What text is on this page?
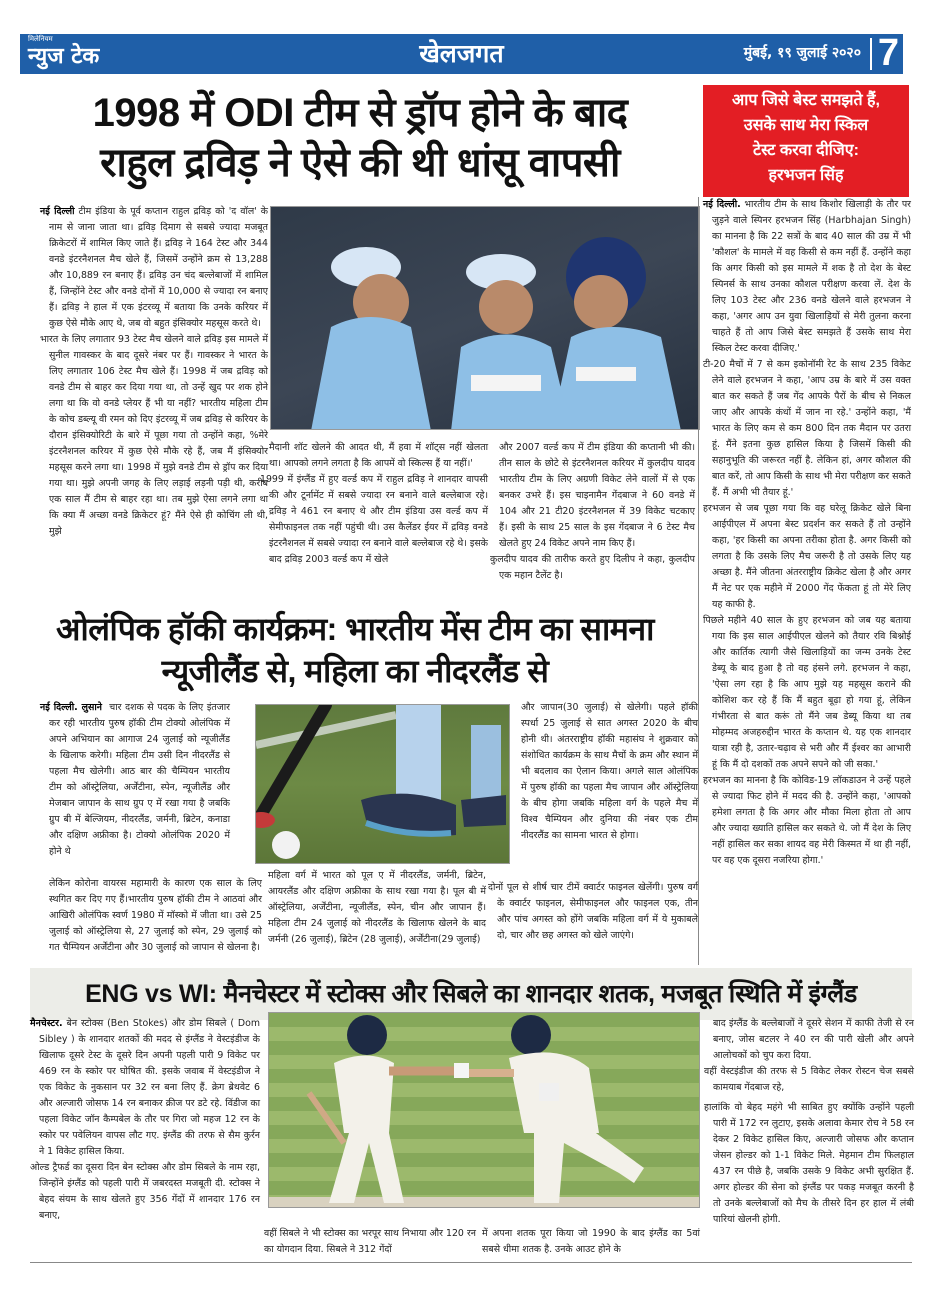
मिलेनियम
न्युज टेक	खेलजगत	मुंबई, १९ जुलाई २०२० 7
1998 में ODI टीम से ड्रॉप होने के बाद
राहुल द्रविड़ ने ऐसे की थी धांसू वापसी

नई दिल्ली टीम इंडिया के पूर्व कप्तान राहुल द्रविड़ को 'द वॉल' के नाम से जाना जाता था। द्रविड़ दिमाग से सबसे ज्यादा मजबूत क्रिकेटरों में शामिल किए जाते हैं। द्रविड़ ने 164 टेस्ट और 344 वनडे इंटरनैशनल मैच खेले हैं, जिसमें उन्होंने क्रम से 13,288 और 10,889 रन बनाए हैं। द्रविड़ उन चंद बल्लेबाजों में शामिल हैं, जिन्होंने टेस्ट और वनडे दोनों में 10,000 से ज्यादा रन बनाए हैं। द्रविड़ ने हाल में एक इंटरव्यू में बताया कि उनके करियर में कुछ ऐसे मौके आए थे, जब वो बहुत इंसिक्योर महसूस करते थे।

भारत के लिए लगातार 93 टेस्ट मैच खेलने वाले द्रविड़ इस मामले में सुनील गावस्कर के बाद दूसरे नंबर पर हैं। गावस्कर ने भारत के लिए लगातार 106 टेस्ट मैच खेले हैं। 1998 में जब द्रविड़ को वनडे टीम से बाहर कर दिया गया था, तो उन्हें खुद पर शक होने लगा था कि वो वनडे प्लेयर हैं भी या नहीं? भारतीय महिला टीम के कोच डब्ल्यू वी रमन को दिए इंटरव्यू में जब द्रविड़ से करियर के दौरान इंसिक्योरिटी के बारे में पूछा गया तो उन्होंने कहा, %मेरे इंटरनैशनल करियर में कुछ ऐसे मौके रहे हैं, जब मैं इंसिक्योर महसूस करने लगा था। 1998 में मुझे वनडे टीम से ड्रॉप कर दिया गया था। मुझे अपनी जगह के लिए लड़ाई लड़नी पड़ी थी, करीब एक साल मैं टीम से बाहर रहा था। तब मुझे ऐसा लगने लगा था कि क्या मैं अच्छा वनडे क्रिकेटर हूं? मैंने ऐसे ही कोचिंग ली थी, मुझे

मैदानी शॉट खेलने की आदत थी, मैं हवा में शॉट्स नहीं खेलता था। आपको लगने लगता है कि आपमें वो स्किल्स हैं या नहीं।'

1999 में इंग्लैंड में हुए वर्ल्ड कप में राहुल द्रविड़ ने शानदार वापसी की और टूर्नामेंट में सबसे ज्यादा रन बनाने वाले बल्लेबाज रहे। द्रविड़ ने 461 रन बनाए थे और टीम इंडिया उस वर्ल्ड कप में सेमीफाइनल तक नहीं पहुंची थी। उस कैलेंडर ईयर में द्रविड़ वनडे इंटरनैशनल में सबसे ज्यादा रन बनाने वाले बल्लेबाज रहे थे। इसके बाद द्रविड़ 2003 वर्ल्ड कप में खेले

और 2007 वर्ल्ड कप में टीम इंडिया की कप्तानी भी की। तीन साल के छोटे से इंटरनैशनल करियर में कुलदीप यादव भारतीय टीम के लिए अग्रणी विकेट लेने वालों में से एक बनकर उभरे हैं। इस चाइनामैन गेंदबाज ने 60 वनडे में 104 और 21 टी20 इंटरनैशनल में 39 विकेट चटकाए हैं। इसी के साथ 25 साल के इस गेंदबाज ने 6 टेस्ट मैच खेलते हुए 24 विकेट अपने नाम किए हैं।

कुलदीप यादव की तारीफ करते हुए दिलीप ने कहा, कुलदीप एक महान टैलेंट है।

आप जिसे बेस्ट समझते हैं,
उसके साथ मेरा स्किल
टेस्ट करवा दीजिए:
हरभजन सिंह

नई दिल्ली. भारतीय टीम के साथ किशोर खिलाड़ी के तौर पर जुड़ने वाले स्पिनर हरभजन सिंह (Harbhajan Singh) का मानना है कि 22 सत्रों के बाद 40 साल की उम्र में भी 'कौशल' के मामले में वह किसी से कम नहीं हैं. उन्होंने कहा कि अगर किसी को इस मामले में शक है तो देश के बेस्ट स्पिनर्स के साथ उनका कौशल परीक्षण करवा लें. देश के लिए 103 टेस्ट और 236 वनडे खेलने वाले हरभजन ने कहा, 'अगर आप उन युवा खिलाड़ियों से मेरी तुलना करना चाहते हैं तो आप जिसे बेस्ट समझते हैं उसके साथ मेरा स्किल टेस्ट करवा दीजिए.'

टी-20 मैचों में 7 से कम इकोनॉमी रेट के साथ 235 विकेट लेने वाले हरभजन ने कहा, 'आप उम्र के बारे में उस वक्त बात कर सकते हैं जब गेंद आपके पैरों के बीच से निकल जाए और आपके कंधों में जान ना रहे.' उन्होंने कहा, 'मैं भारत के लिए कम से कम 800 दिन तक मैदान पर उतरा हूं. मैंने इतना कुछ हासिल किया है जिसमें किसी की सहानुभूति की जरूरत नहीं है. लेकिन हां, अगर कौशल की बात करें, तो आप किसी के साथ भी मेरा परीक्षण कर सकते हैं. मैं अभी भी तैयार हूं.'

हरभजन से जब पूछा गया कि वह घरेलू क्रिकेट खेले बिना आईपीएल में अपना बेस्ट प्रदर्शन कर सकते हैं तो उन्होंने कहा, 'हर किसी का अपना तरीका होता है. अगर किसी को लगता है कि उसके लिए मैच जरूरी है तो उसके लिए यह अच्छा है. मैंने जीतना अंतरराष्ट्रीय क्रिकेट खेला है और अगर मैं नेट पर एक महीने में 2000 गेंद फेंकता हूं तो मेरे लिए यह काफी है.

पिछले महीने 40 साल के हुए हरभजन को जब यह बताया गया कि इस साल आईपीएल खेलने को तैयार रवि बिश्नोई और कार्तिक त्यागी जैसे खिलाड़ियों का जन्म उनके टेस्ट डेब्यू के बाद हुआ है तो वह हंसने लगे. हरभजन ने कहा, 'ऐसा लग रहा है कि आप मुझे यह महसूस कराने की कोशिश कर रहे हैं कि मैं बहुत बूढ़ा हो गया हूं, लेकिन गंभीरता से बात करूं तो मैंने जब डेब्यू किया था तब मोहम्मद अजहरुद्दीन भारत के कप्तान थे. यह एक शानदार यात्रा रही है, उतार-चढ़ाव से भरी और मैं ईश्वर का आभारी हूं कि मैं दो दशकों तक अपने सपने को जी सका.'

हरभजन का मानना है कि कोविड-19 लॉकडाउन ने उन्हें पहले से ज्यादा फिट होने में मदद की है. उन्होंने कहा, 'आपको हमेशा लगता है कि अगर और मौका मिला होता तो आप और ज्यादा ख्याति हासिल कर सकते थे. जो मैं देश के लिए नहीं हासिल कर सका शायद वह मेरी किस्मत में था ही नहीं, पर वह एक दूसरा नजरिया होगा.'

ओलंपिक हॉकी कार्यक्रम: भारतीय मेंस टीम का सामना
न्यूजीलैंड से, महिला का नीदरलैंड से

नई दिल्ली. लुसाने चार दशक से पदक के लिए इंतजार कर रही भारतीय पुरुष हॉकी टीम टोक्यो ओलंपिक में अपने अभियान का आगाज 24 जुलाई को न्यूजीलैंड के खिलाफ करेगी। महिला टीम उसी दिन नीदरलैंड से पहला मैच खेलेगी। आठ बार की चैम्पियन भारतीय टीम को ऑस्ट्रेलिया, अर्जेंटीना, स्पेन, न्यूजीलैंड और मेजबान जापान के साथ ग्रुप ए में रखा गया है जबकि ग्रुप बी में बेल्जियम, नीदरलैंड, जर्मनी, ब्रिटेन, कनाडा और दक्षिण अफ्रीका है। टोक्यो ओलंपिक 2020 में होने थे

लेकिन कोरोना वायरस महामारी के कारण एक साल के लिए स्थगित कर दिए गए हैं।भारतीय पुरुष हॉकी टीम ने आठवां और आखिरी ओलंपिक स्वर्ण 1980 में मॉस्को में जीता था। उसे 25 जुलाई को ऑस्ट्रेलिया से, 27 जुलाई को स्पेन, 29 जुलाई को गत चैम्पियन अर्जेंटीना और 30 जुलाई को जापान से खेलना है।

और जापान(30 जुलाई) से खेलेगी। पहले हॉकी स्पर्धा 25 जुलाई से सात अगस्त 2020 के बीच होनी थी। अंतरराष्ट्रीय हॉकी महासंघ ने शुक्रवार को संशोधित कार्यक्रम के साथ मैचों के क्रम और स्थान में भी बदलाव का ऐलान किया। अगले साल ओलंपिक में पुरुष हॉकी का पहला मैच जापान और ऑस्ट्रेलिया के बीच होगा जबकि महिला वर्ग के पहले मैच में विश्व चैम्पियन और दुनिया की नंबर एक टीम नीदरलैंड का सामना भारत से होगा।

महिला वर्ग में भारत को पूल ए में नीदरलैंड, जर्मनी, ब्रिटेन, आयरलैंड और दक्षिण अफ्रीका के साथ रखा गया है। पूल बी में ऑस्ट्रेलिया, अर्जेंटीना, न्यूजीलैंड, स्पेन, चीन और जापान हैं। महिला टीम 24 जुलाई को नीदरलैंड के खिलाफ खेलने के बाद जर्मनी (26 जुलाई), ब्रिटेन (28 जुलाई), अर्जेंटीना(29 जुलाई)

दोनों पूल से शीर्ष चार टीमें क्वार्टर फाइनल खेलेंगी। पुरुष वर्ग के क्वार्टर फाइनल, सेमीफाइनल और फाइनल एक, तीन और पांच अगस्त को होंगे जबकि महिला वर्ग में ये मुकाबले दो, चार और छह अगस्त को खेले जाएंगे।

ENG vs WI: मैनचेस्टर में स्टोक्स और सिबले का शानदार शतक, मजबूत स्थिति में इंग्लैंड

मैनचेस्टर. बेन स्टोक्स (Ben Stokes) और डोम सिबले ( Dom Sibley ) के शानदार शतकों की मदद से इंग्लैंड ने वेस्टइंडीज के खिलाफ दूसरे टेस्ट के दूसरे दिन अपनी पहली पारी 9 विकेट पर 469 रन के स्कोर पर घोषित की. इसके जवाब में वेस्टइंडीज ने एक विकेट के नुकसान पर 32 रन बना लिए हैं. क्रेग ब्रेथवेट 6 और अल्जारी जोसफ 14 रन बनाकर क्रीज पर डटे रहे. विंडीज का पहला विकेट जॉन कैम्पबेल के तौर पर गिरा जो महज 12 रन के स्कोर पर पवेलियन वापस लौट गए. इंग्लैंड की तरफ से सैम कुर्रन ने 1 विकेट हासिल किया.

ओल्ड ट्रैफर्ड का दूसरा दिन बेन स्टोक्स और डोम सिबले के नाम रहा, जिन्होंने इंग्लैंड को पहली पारी में जबरदस्त मजबूती दी. स्टोक्स ने बेहद संयम के साथ खेलते हुए 356 गेंदों में शानदार 176 रन बनाए,

वहीं सिबले ने भी स्टोक्स का भरपूर साथ निभाया और 120 रन का योगदान दिया. सिबले ने 312 गेंदों

में अपना शतक पूरा किया जो 1990 के बाद इंग्लैंड का 5वां सबसे धीमा शतक है. उनके आउट होने के

बाद इंग्लैंड के बल्लेबाजों ने दूसरे सेशन में काफी तेजी से रन बनाए, जोस बटलर ने 40 रन की पारी खेली और अपने आलोचकों को चुप करा दिया.

वहीं वेस्टइंडीज की तरफ से 5 विकेट लेकर रोस्टन चेज सबसे कामयाब गेंदबाज रहे,

हालांकि वो बेहद महंगे भी साबित हुए क्योंकि उन्होंने पहली पारी में 172 रन लुटाए, इसके अलावा केमार रोच ने 58 रन देकर 2 विकेट हासिल किए, अल्जारी जोसफ और कप्तान जेसन होल्डर को 1-1 विकेट मिले. मेहमान टीम फिलहाल 437 रन पीछे है, जबकि उसके 9 विकेट अभी सुरक्षित हैं. अगर होल्डर की सेना को इंग्लैंड पर पकड़ मजबूत करनी है तो उनके बल्लेबाजों को मैच के तीसरे दिन हर हाल में लंबी पारियां खेलनी होगी.
